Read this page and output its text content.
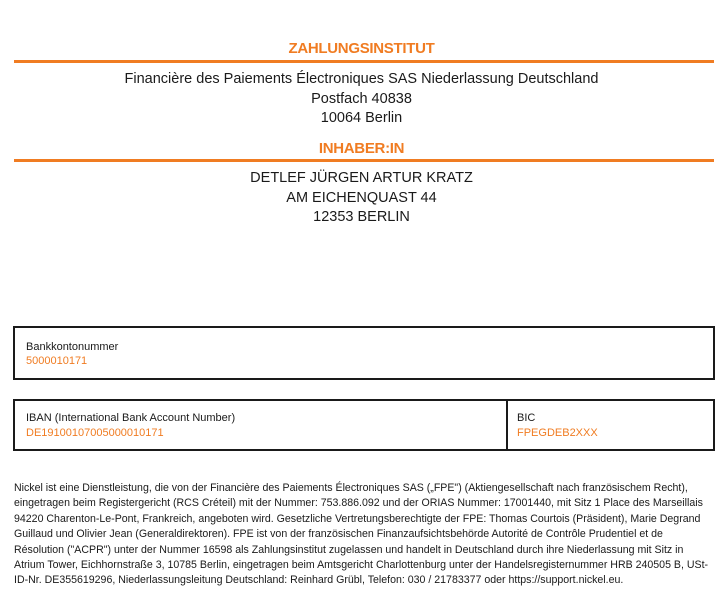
ZAHLUNGSINSTITUT
Financière des Paiements Électroniques SAS Niederlassung Deutschland
Postfach 40838
10064 Berlin
INHABER:IN
DETLEF JÜRGEN ARTUR KRATZ
AM EICHENQUAST 44
12353 BERLIN
Bankkontonummer
5000010171
IBAN (International Bank Account Number)
DE19100107005000010171
BIC
FPEGDEB2XXX
Nickel ist eine Dienstleistung, die von der Financière des Paiements Électroniques SAS („FPE") (Aktiengesellschaft nach französischem Recht), eingetragen beim Registergericht (RCS Créteil) mit der Nummer: 753.886.092 und der ORIAS Nummer: 17001440, mit Sitz 1 Place des Marseillais 94220 Charenton-Le-Pont, Frankreich, angeboten wird. Gesetzliche Vertretungsberechtigte der FPE: Thomas Courtois (Präsident), Marie Degrand Guillaud und Olivier Jean (Generaldirektoren). FPE ist von der französischen Finanzaufsichtsbehörde Autorité de Contrôle Prudentiel et de Résolution ("ACPR") unter der Nummer 16598 als Zahlungsinstitut zugelassen und handelt in Deutschland durch ihre Niederlassung mit Sitz in Atrium Tower, Eichhornstraße 3, 10785 Berlin, eingetragen beim Amtsgericht Charlottenburg unter der Handelsregisternummer HRB 240505 B, USt-ID-Nr. DE355619296, Niederlassungsleitung Deutschland: Reinhard Grübl, Telefon: 030 / 21783377 oder https://support.nickel.eu.
